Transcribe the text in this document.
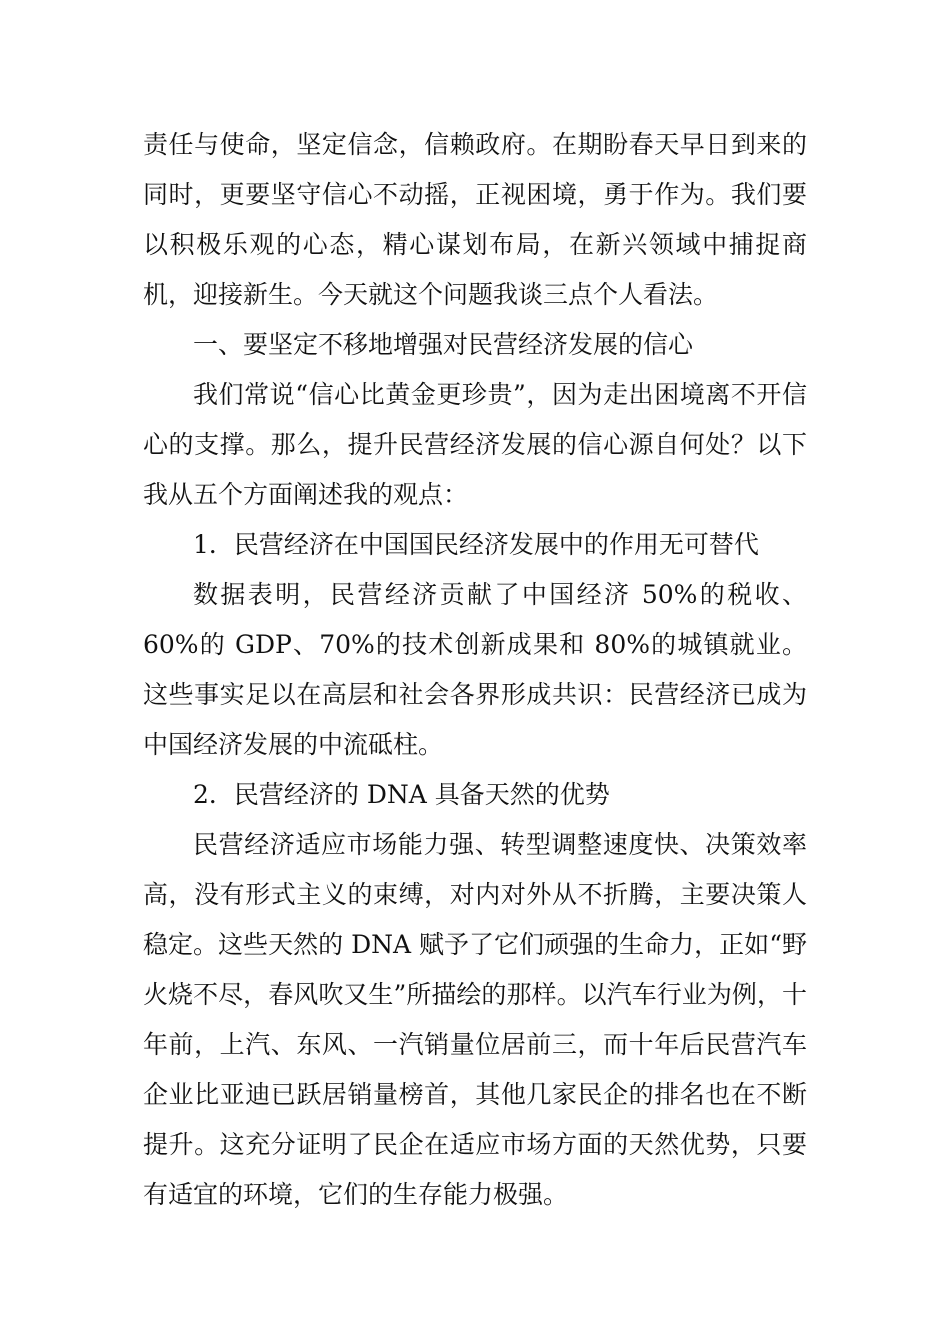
责任与使命，坚定信念，信赖政府。在期盼春天早日到来的同时，更要坚守信心不动摇，正视困境，勇于作为。我们要以积极乐观的心态，精心谋划布局，在新兴领域中捕捉商机，迎接新生。今天就这个问题我谈三点个人看法。

一、要坚定不移地增强对民营经济发展的信心

我们常说“信心比黄金更珍贵”，因为走出困境离不开信心的支撑。那么，提升民营经济发展的信心源自何处？以下我从五个方面阐述我的观点：

1．民营经济在中国国民经济发展中的作用无可替代

数据表明，民营经济贡献了中国经济 50%的税收、60%的 GDP、70%的技术创新成果和 80%的城镇就业。这些事实足以在高层和社会各界形成共识：民营经济已成为中国经济发展的中流砥柱。

2．民营经济的 DNA 具备天然的优势

民营经济适应市场能力强、转型调整速度快、决策效率高，没有形式主义的束缚，对内对外从不折腾，主要决策人稳定。这些天然的 DNA 赋予了它们顽强的生命力，正如“野火烧不尽，春风吹又生”所描绘的那样。以汽车行业为例，十年前，上汽、东风、一汽销量位居前三，而十年后民营汽车企业比亚迪已跃居销量榜首，其他几家民企的排名也在不断提升。这充分证明了民企在适应市场方面的天然优势，只要有适宜的环境，它们的生存能力极强。
